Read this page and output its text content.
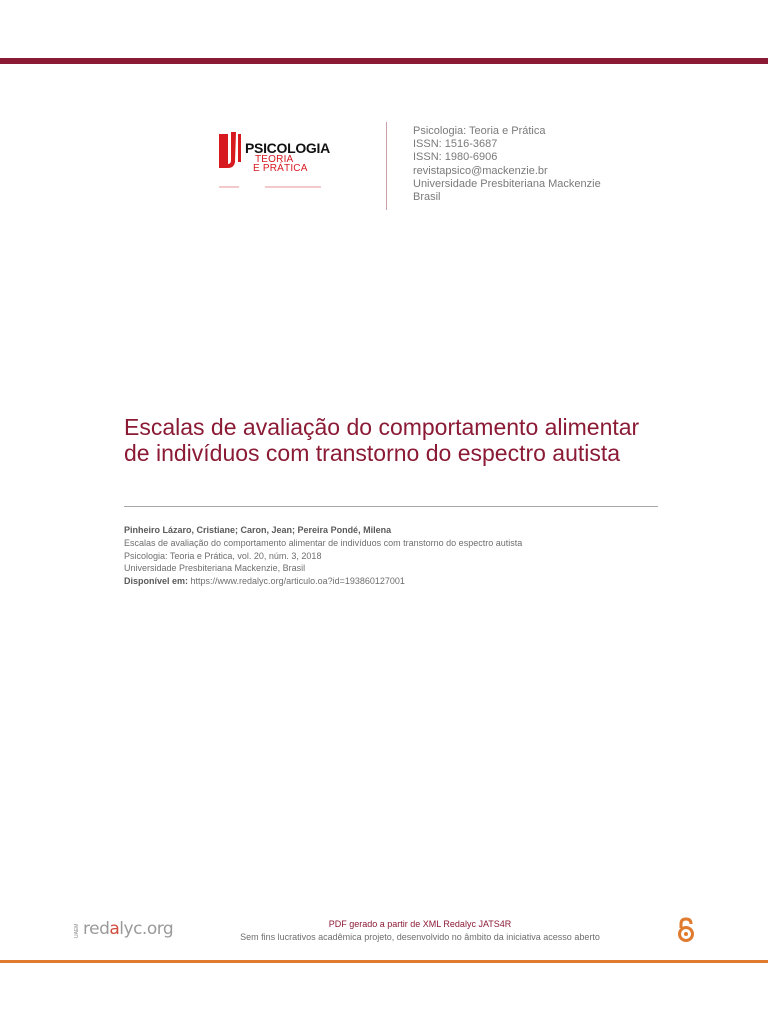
PSICOLOGIA
TEORIA
E PRÁTICA
Psicologia: Teoria e Prática
ISSN: 1516-3687
ISSN: 1980-6906
revistapsico@mackenzie.br
Universidade Presbiteriana Mackenzie
Brasil
Escalas de avaliação do comportamento alimentar de indivíduos com transtorno do espectro autista
Pinheiro Lázaro, Cristiane; Caron, Jean; Pereira Pondé, Milena
Escalas de avaliação do comportamento alimentar de indivíduos com transtorno do espectro autista
Psicologia: Teoria e Prática, vol. 20, núm. 3, 2018
Universidade Presbiteriana Mackenzie, Brasil
Disponível em: https://www.redalyc.org/articulo.oa?id=193860127001
UAEM redalyc.org	PDF gerado a partir de XML Redalyc JATS4R
Sem fins lucrativos acadêmica projeto, desenvolvido no âmbito da iniciativa acesso aberto
